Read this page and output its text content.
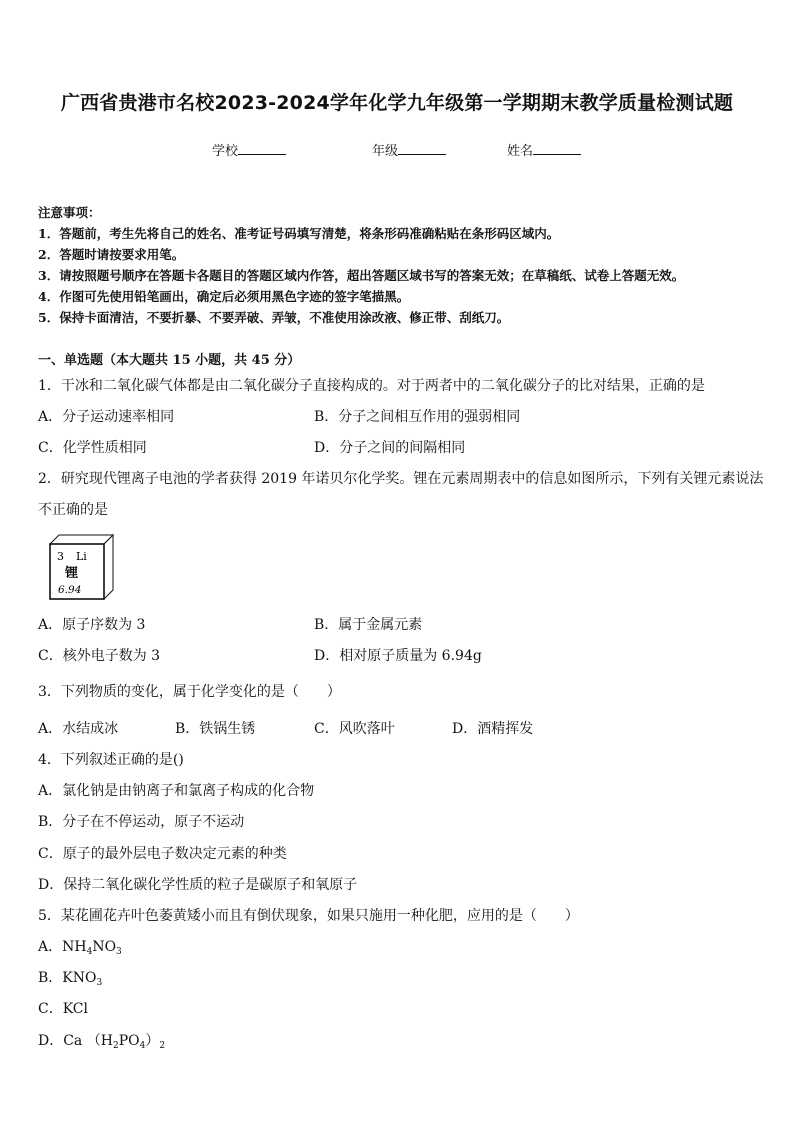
广西省贵港市名校2023-2024学年化学九年级第一学期期末教学质量检测试题
学校	年级	姓名
注意事项：
1．答题前，考生先将自己的姓名、准考证号码填写清楚，将条形码准确粘贴在条形码区域内。
2．答题时请按要求用笔。
3．请按照题号顺序在答题卡各题目的答题区域内作答，超出答题区域书写的答案无效；在草稿纸、试卷上答题无效。
4．作图可先使用铅笔画出，确定后必须用黑色字迹的签字笔描黑。
5．保持卡面清洁，不要折暴、不要弄破、弄皱，不准使用涂改液、修正带、刮纸刀。
一、单选题（本大题共 15 小题，共 45 分）
1．干冰和二氧化碳气体都是由二氧化碳分子直接构成的。对于两者中的二氧化碳分子的比对结果，正确的是
A．分子运动速率相同	B．分子之间相互作用的强弱相同
C．化学性质相同	D．分子之间的间隔相同
2．研究现代锂离子电池的学者获得 2019 年诺贝尔化学奖。锂在元素周期表中的信息如图所示，下列有关锂元素说法
不正确的是
3 Li
锂
6.94
A．原子序数为 3	B．属于金属元素
C．核外电子数为 3	D．相对原子质量为 6.94g
3．下列物质的变化，属于化学变化的是（　　）
A．水结成冰	B．铁锅生锈	C．风吹落叶	D．酒精挥发
4．下列叙述正确的是()
A．氯化钠是由钠离子和氯离子构成的化合物
B．分子在不停运动，原子不运动
C．原子的最外层电子数决定元素的种类
D．保持二氧化碳化学性质的粒子是碳原子和氧原子
5．某花圃花卉叶色萎黄矮小而且有倒伏现象，如果只施用一种化肥，应用的是（　　）
A．$NH_4NO_3$
B．$KNO_3$
C．KCl
D．Ca $(H_2PO_4)_2$
